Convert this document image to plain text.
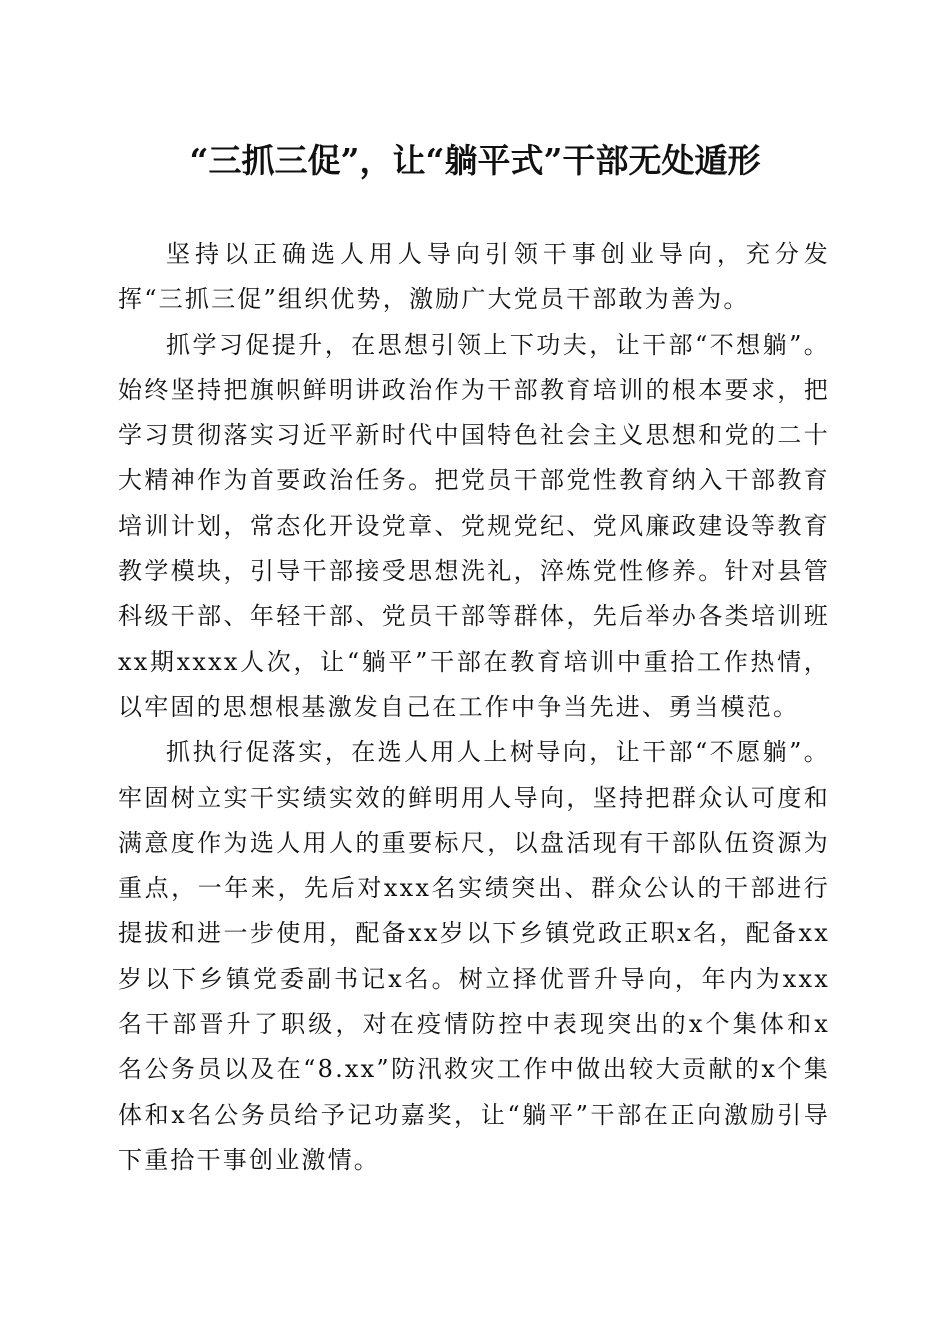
“三抓三促”，让“躺平式”干部无处遁形

坚持以正确选人用人导向引领干事创业导向，充分发挥“三抓三促”组织优势，激励广大党员干部敢为善为。

抓学习促提升，在思想引领上下功夫，让干部“不想躺”。始终坚持把旗帜鲜明讲政治作为干部教育培训的根本要求，把学习贯彻落实习近平新时代中国特色社会主义思想和党的二十大精神作为首要政治任务。把党员干部党性教育纳入干部教育培训计划，常态化开设党章、党规党纪、党风廉政建设等教育教学模块，引导干部接受思想洗礼，淬炼党性修养。针对县管科级干部、年轻干部、党员干部等群体，先后举办各类培训班xx期xxxx人次，让“躺平”干部在教育培训中重拾工作热情，以牢固的思想根基激发自己在工作中争当先进、勇当模范。

抓执行促落实，在选人用人上树导向，让干部“不愿躺”。牢固树立实干实绩实效的鲜明用人导向，坚持把群众认可度和满意度作为选人用人的重要标尺，以盘活现有干部队伍资源为重点，一年来，先后对xxx名实绩突出、群众公认的干部进行提拔和进一步使用，配备xx岁以下乡镇党政正职x名，配备xx岁以下乡镇党委副书记x名。树立择优晋升导向，年内为xxx名干部晋升了职级，对在疫情防控中表现突出的x个集体和x名公务员以及在“8.xx”防汛救灾工作中做出较大贡献的x个集体和x名公务员给予记功嘉奖，让“躺平”干部在正向激励引导下重拾干事创业激情。
